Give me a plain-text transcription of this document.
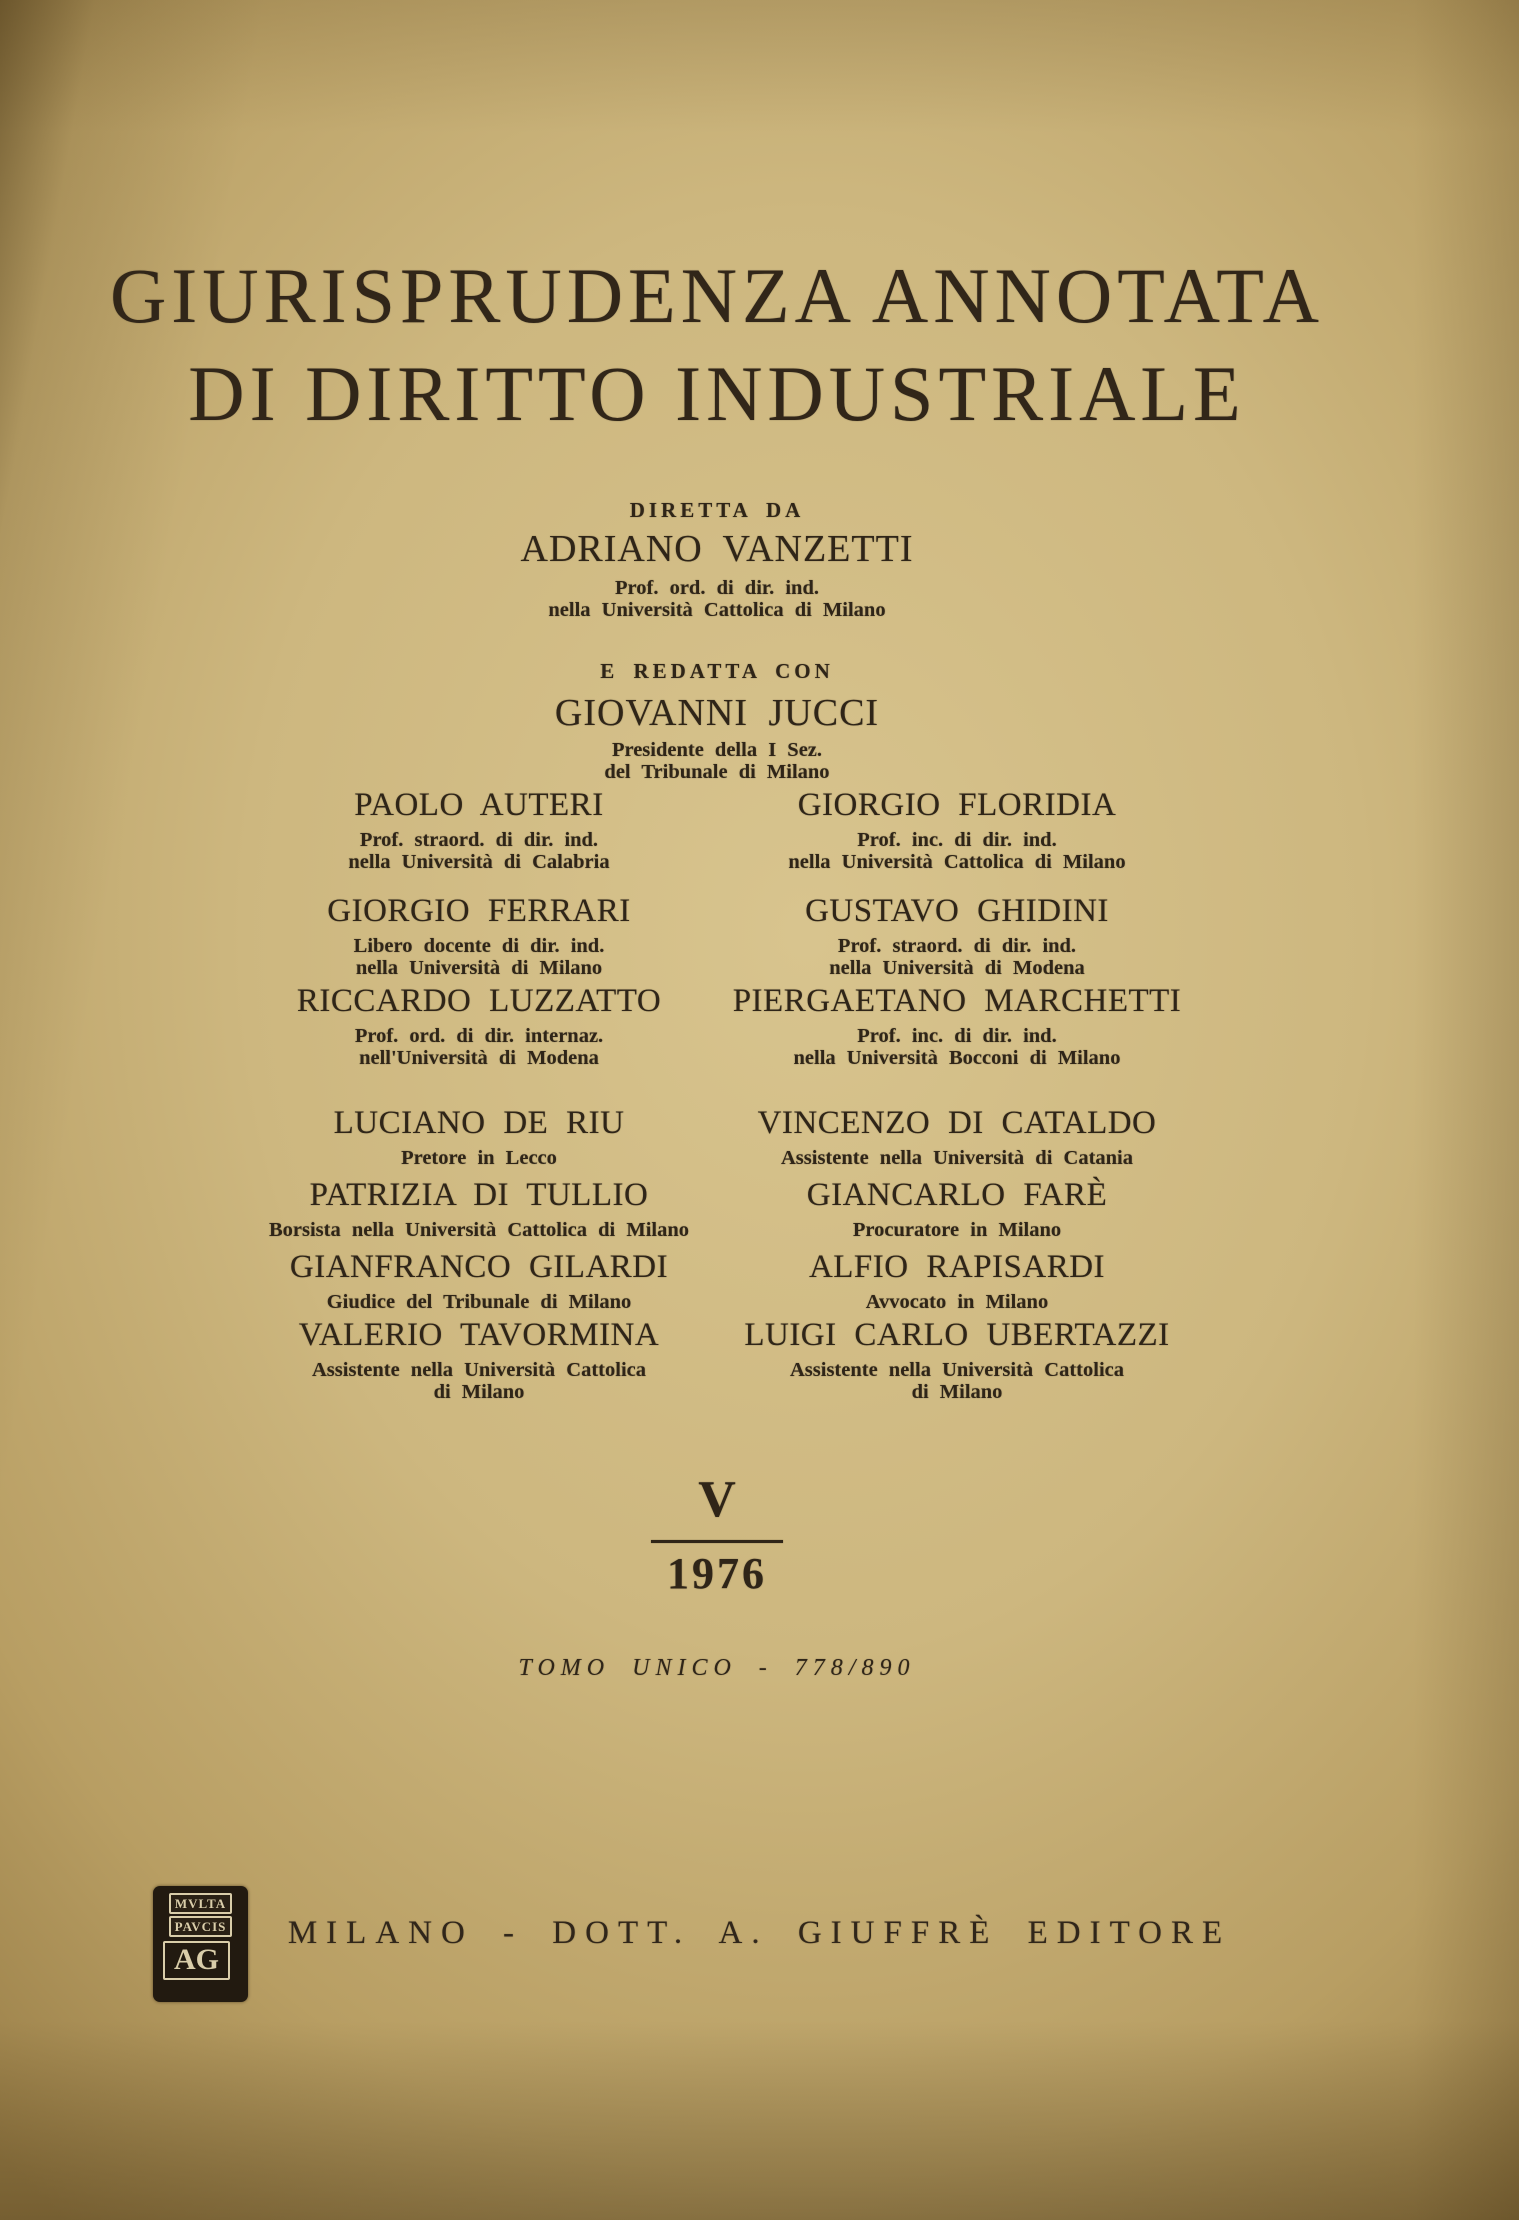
GIURISPRUDENZA ANNOTATA
DI DIRITTO INDUSTRIALE
DIRETTA DA
ADRIANO VANZETTI
Prof. ord. di dir. ind.
nella Università Cattolica di Milano
E REDATTA CON
GIOVANNI JUCCI
Presidente della I Sez.
del Tribunale di Milano
PAOLO AUTERI
Prof. straord. di dir. ind.
nella Università di Calabria
GIORGIO FLORIDIA
Prof. inc. di dir. ind.
nella Università Cattolica di Milano
GIORGIO FERRARI
Libero docente di dir. ind.
nella Università di Milano
GUSTAVO GHIDINI
Prof. straord. di dir. ind.
nella Università di Modena
RICCARDO LUZZATTO
Prof. ord. di dir. internaz.
nell'Università di Modena
PIERGAETANO MARCHETTI
Prof. inc. di dir. ind.
nella Università Bocconi di Milano
LUCIANO DE RIU
Pretore in Lecco
VINCENZO DI CATALDO
Assistente nella Università di Catania
PATRIZIA DI TULLIO
Borsista nella Università Cattolica di Milano
GIANCARLO FARÈ
Procuratore in Milano
GIANFRANCO GILARDI
Giudice del Tribunale di Milano
ALFIO RAPISARDI
Avvocato in Milano
VALERIO TAVORMINA
Assistente nella Università Cattolica
di Milano
LUIGI CARLO UBERTAZZI
Assistente nella Università Cattolica
di Milano
V
1976
TOMO UNICO - 778/890
MVLTA
PAVCIS
AG
MILANO - DOTT. A. GIUFFRÈ EDITORE
